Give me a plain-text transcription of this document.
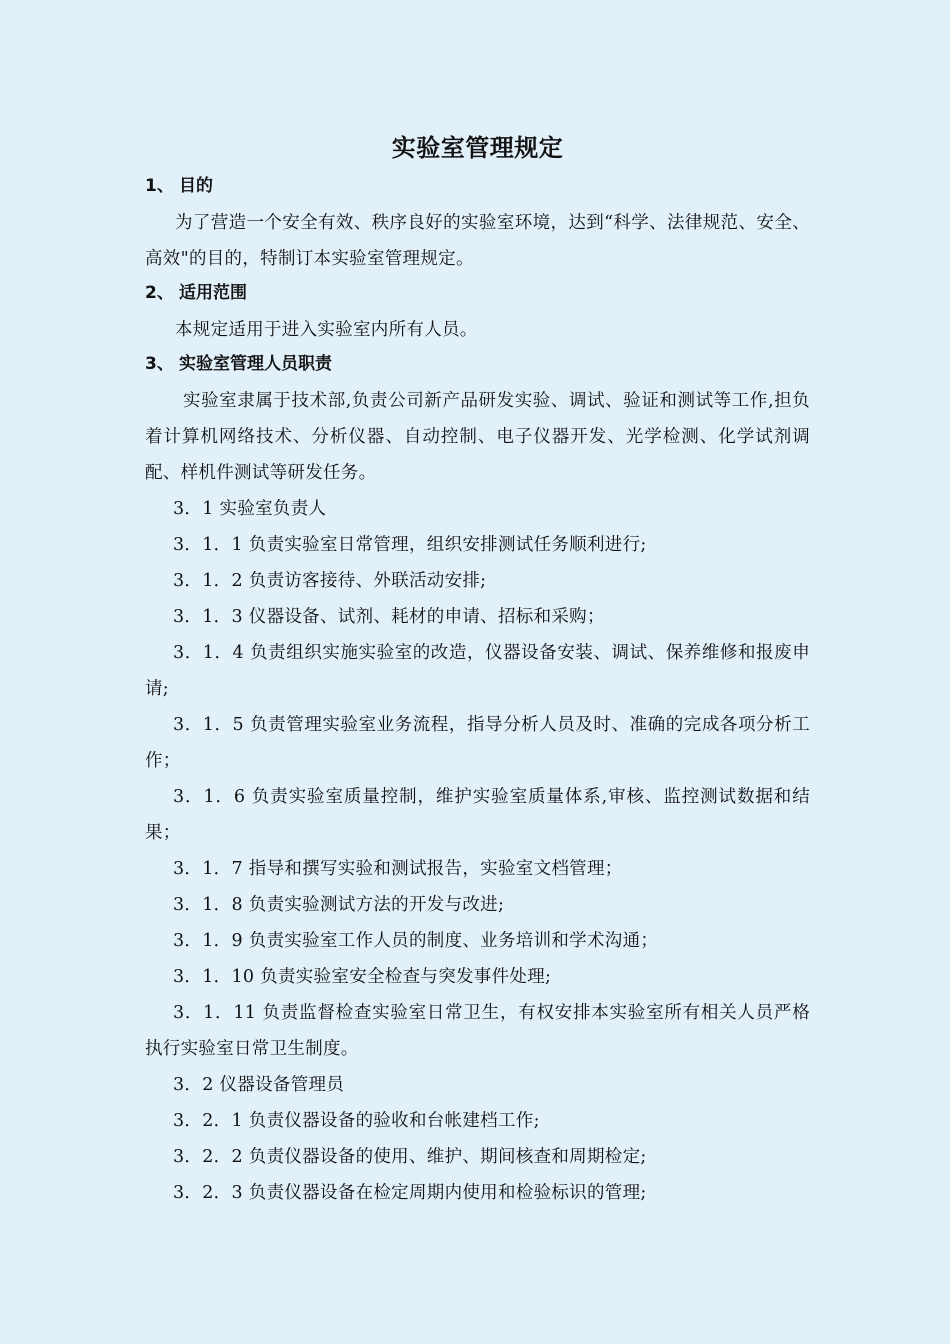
实验室管理规定
1、 目的

为了营造一个安全有效、秩序良好的实验室环境，达到“科学、法律规范、安全、高效"的目的，特制订本实验室管理规定。

2、 适用范围

本规定适用于进入实验室内所有人员。

3、 实验室管理人员职责

实验室隶属于技术部,负责公司新产品研发实验、调试、验证和测试等工作,担负着计算机网络技术、分析仪器、自动控制、电子仪器开发、光学检测、化学试剂调配、样机件测试等研发任务。

3．1 实验室负责人

3．1．1 负责实验室日常管理，组织安排测试任务顺利进行;

3．1．2 负责访客接待、外联活动安排;

3．1．3 仪器设备、试剂、耗材的申请、招标和采购；

3．1．4 负责组织实施实验室的改造，仪器设备安装、调试、保养维修和报废申请;

3．1．5 负责管理实验室业务流程，指导分析人员及时、准确的完成各项分析工作；

3．1．6 负责实验室质量控制，维护实验室质量体系,审核、监控测试数据和结果；

3．1．7 指导和撰写实验和测试报告，实验室文档管理；

3．1．8 负责实验测试方法的开发与改进;

3．1．9 负责实验室工作人员的制度、业务培训和学术沟通；

3．1．10 负责实验室安全检查与突发事件处理;

3．1．11 负责监督检查实验室日常卫生，有权安排本实验室所有相关人员严格执行实验室日常卫生制度。

3．2 仪器设备管理员

3．2．1 负责仪器设备的验收和台帐建档工作;

3．2．2 负责仪器设备的使用、维护、期间核查和周期检定;

3．2．3 负责仪器设备在检定周期内使用和检验标识的管理;
